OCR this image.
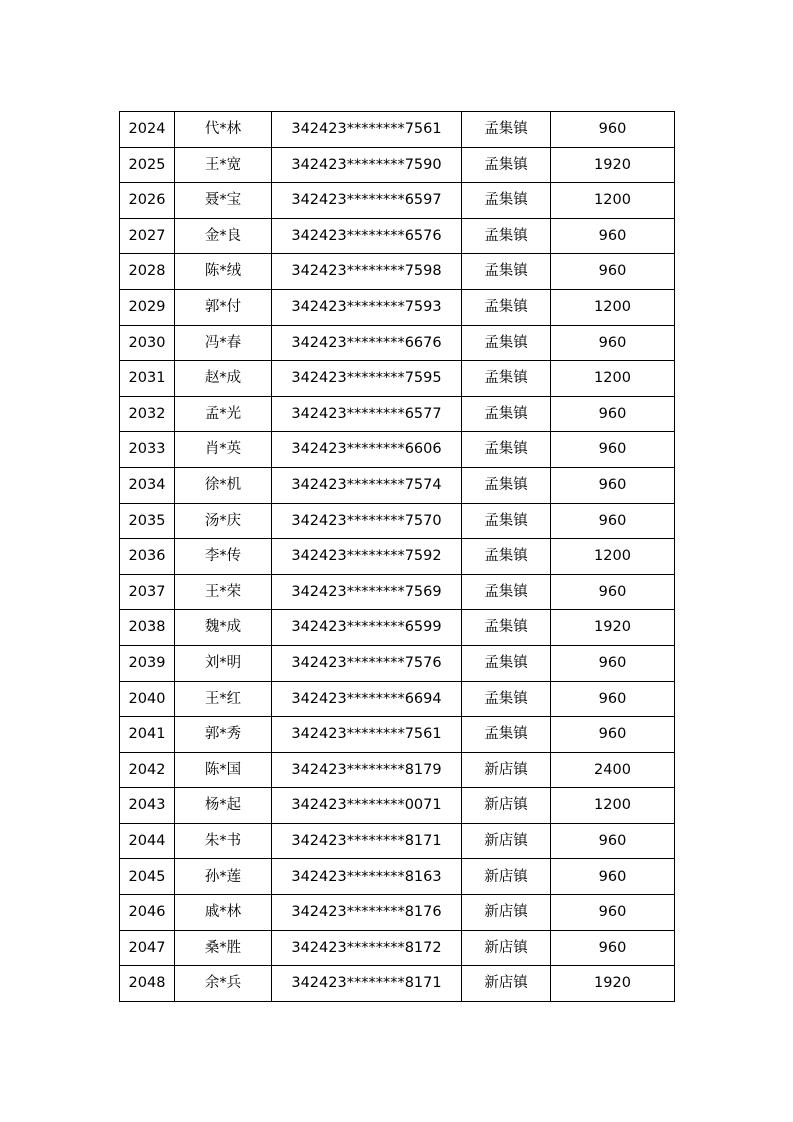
2024	代*林	342423********7561	孟集镇	960
2025	王*宽	342423********7590	孟集镇	1920
2026	聂*宝	342423********6597	孟集镇	1200
2027	金*良	342423********6576	孟集镇	960
2028	陈*绒	342423********7598	孟集镇	960
2029	郭*付	342423********7593	孟集镇	1200
2030	冯*春	342423********6676	孟集镇	960
2031	赵*成	342423********7595	孟集镇	1200
2032	孟*光	342423********6577	孟集镇	960
2033	肖*英	342423********6606	孟集镇	960
2034	徐*机	342423********7574	孟集镇	960
2035	汤*庆	342423********7570	孟集镇	960
2036	李*传	342423********7592	孟集镇	1200
2037	王*荣	342423********7569	孟集镇	960
2038	魏*成	342423********6599	孟集镇	1920
2039	刘*明	342423********7576	孟集镇	960
2040	王*红	342423********6694	孟集镇	960
2041	郭*秀	342423********7561	孟集镇	960
2042	陈*国	342423********8179	新店镇	2400
2043	杨*起	342423********0071	新店镇	1200
2044	朱*书	342423********8171	新店镇	960
2045	孙*莲	342423********8163	新店镇	960
2046	戚*林	342423********8176	新店镇	960
2047	桑*胜	342423********8172	新店镇	960
2048	余*兵	342423********8171	新店镇	1920
